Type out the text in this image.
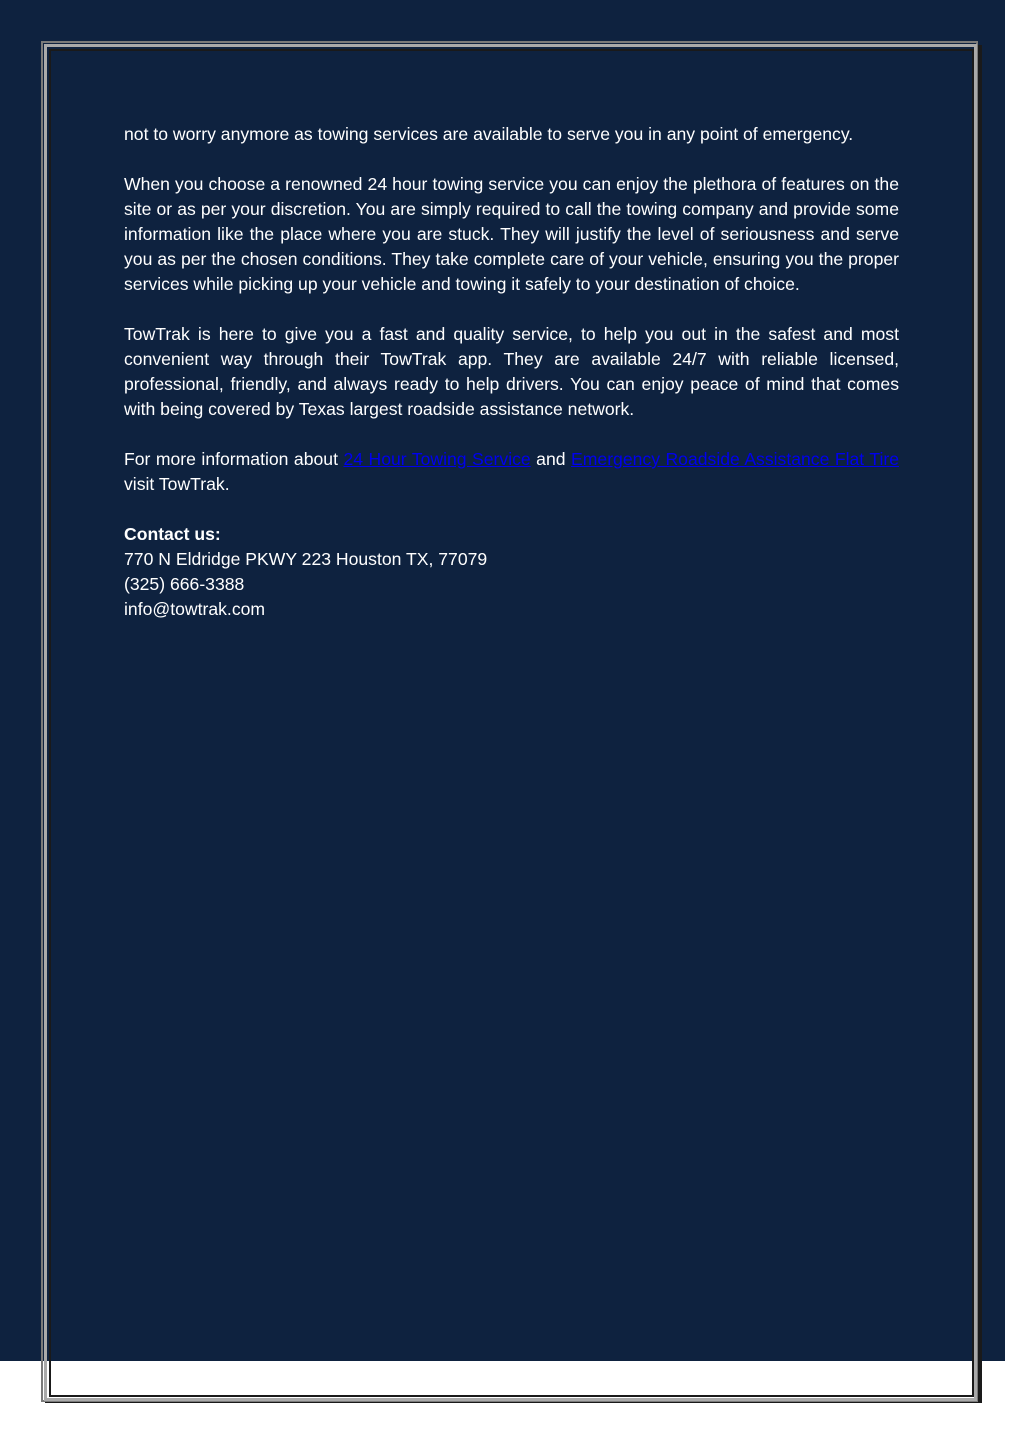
not to worry anymore as towing services are available to serve you in any point of emergency.

When you choose a renowned 24 hour towing service you can enjoy the plethora of features on the site or as per your discretion. You are simply required to call the towing company and provide some information like the place where you are stuck. They will justify the level of seriousness and serve you as per the chosen conditions. They take complete care of your vehicle, ensuring you the proper services while picking up your vehicle and towing it safely to your destination of choice.

TowTrak is here to give you a fast and quality service, to help you out in the safest and most convenient way through their TowTrak app. They are available 24/7 with reliable licensed, professional, friendly, and always ready to help drivers. You can enjoy peace of mind that comes with being covered by Texas largest roadside assistance network.

For more information about 24 Hour Towing Service and Emergency Roadside Assistance Flat Tire visit TowTrak.

Contact us:
770 N Eldridge PKWY 223 Houston TX, 77079
(325) 666-3388
info@towtrak.com
